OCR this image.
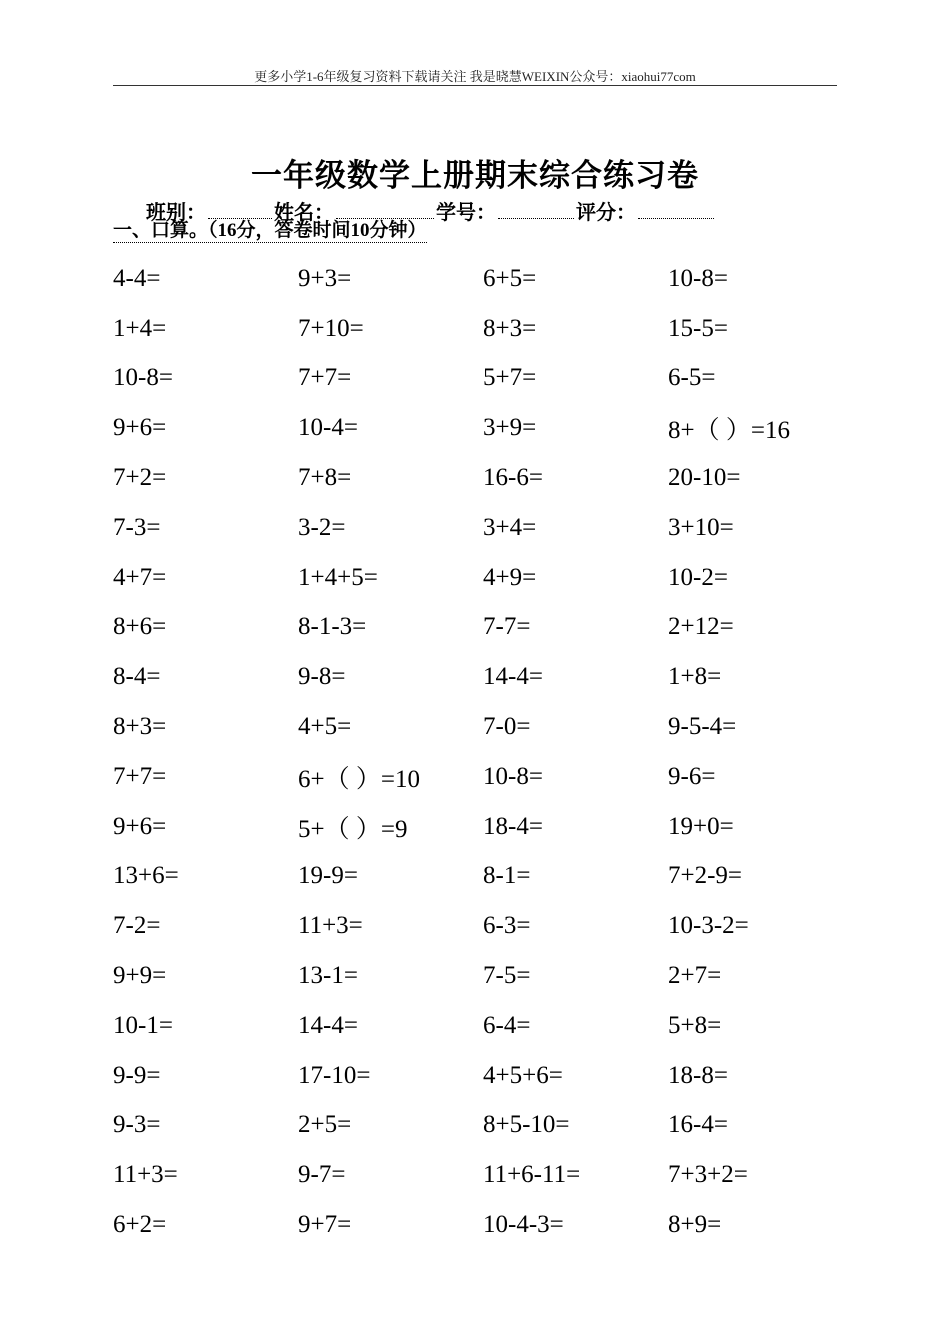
更多小学1-6年级复习资料下载请关注 我是晓慧WEIXIN公众号：xiaohui77com
一年级数学上册期末综合练习卷
班别：	姓名：	学号：	评分：
一、口算。（16分，答卷时间10分钟）
4-4=	9+3=	6+5=	10-8=
1+4=	7+10=	8+3=	15-5=
10-8=	7+7=	5+7=	6-5=
9+6=	10-4=	3+9=	8+（ ）=16
7+2=	7+8=	16-6=	20-10=
7-3=	3-2=	3+4=	3+10=
4+7=	1+4+5=	4+9=	10-2=
8+6=	8-1-3=	7-7=	2+12=
8-4=	9-8=	14-4=	1+8=
8+3=	4+5=	7-0=	9-5-4=
7+7=	6+（ ）=10	10-8=	9-6=
9+6=	5+（ ）=9	18-4=	19+0=
13+6=	19-9=	8-1=	7+2-9=
7-2=	11+3=	6-3=	10-3-2=
9+9=	13-1=	7-5=	2+7=
10-1=	14-4=	6-4=	5+8=
9-9=	17-10=	4+5+6=	18-8=
9-3=	2+5=	8+5-10=	16-4=
11+3=	9-7=	11+6-11=	7+3+2=
6+2=	9+7=	10-4-3=	8+9=
